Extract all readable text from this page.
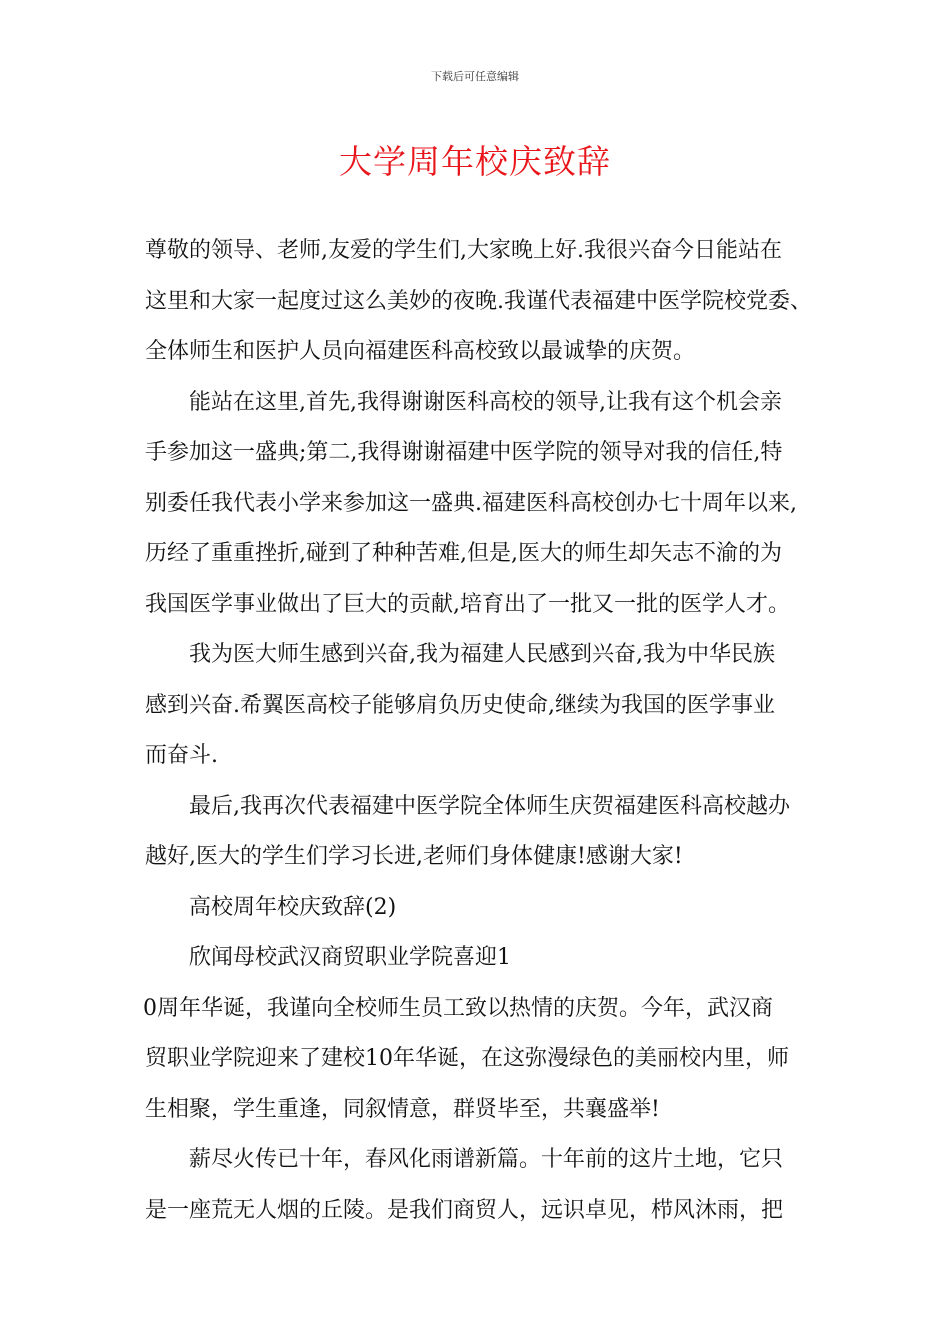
下载后可任意编辑
大学周年校庆致辞

尊敬的领导、老师,友爱的学生们,大家晚上好.我很兴奋今日能站在
这里和大家一起度过这么美妙的夜晚.我谨代表福建中医学院校党委、
全体师生和医护人员向福建医科高校致以最诚挚的庆贺。

能站在这里,首先,我得谢谢医科高校的领导,让我有这个机会亲
手参加这一盛典;第二,我得谢谢福建中医学院的领导对我的信任,特
别委任我代表小学来参加这一盛典.福建医科高校创办七十周年以来,
历经了重重挫折,碰到了种种苦难,但是,医大的师生却矢志不渝的为
我国医学事业做出了巨大的贡献,培育出了一批又一批的医学人才。

我为医大师生感到兴奋,我为福建人民感到兴奋,我为中华民族
感到兴奋.希翼医高校子能够肩负历史使命,继续为我国的医学事业
而奋斗.

最后,我再次代表福建中医学院全体师生庆贺福建医科高校越办
越好,医大的学生们学习长进,老师们身体健康!感谢大家!

高校周年校庆致辞(2)

欣闻母校武汉商贸职业学院喜迎1

0周年华诞，我谨向全校师生员工致以热情的庆贺。今年，武汉商
贸职业学院迎来了建校10年华诞，在这弥漫绿色的美丽校内里，师
生相聚，学生重逢，同叙情意，群贤毕至，共襄盛举!

薪尽火传已十年，春风化雨谱新篇。十年前的这片土地，它只
是一座荒无人烟的丘陵。是我们商贸人，远识卓见，栉风沐雨，把
